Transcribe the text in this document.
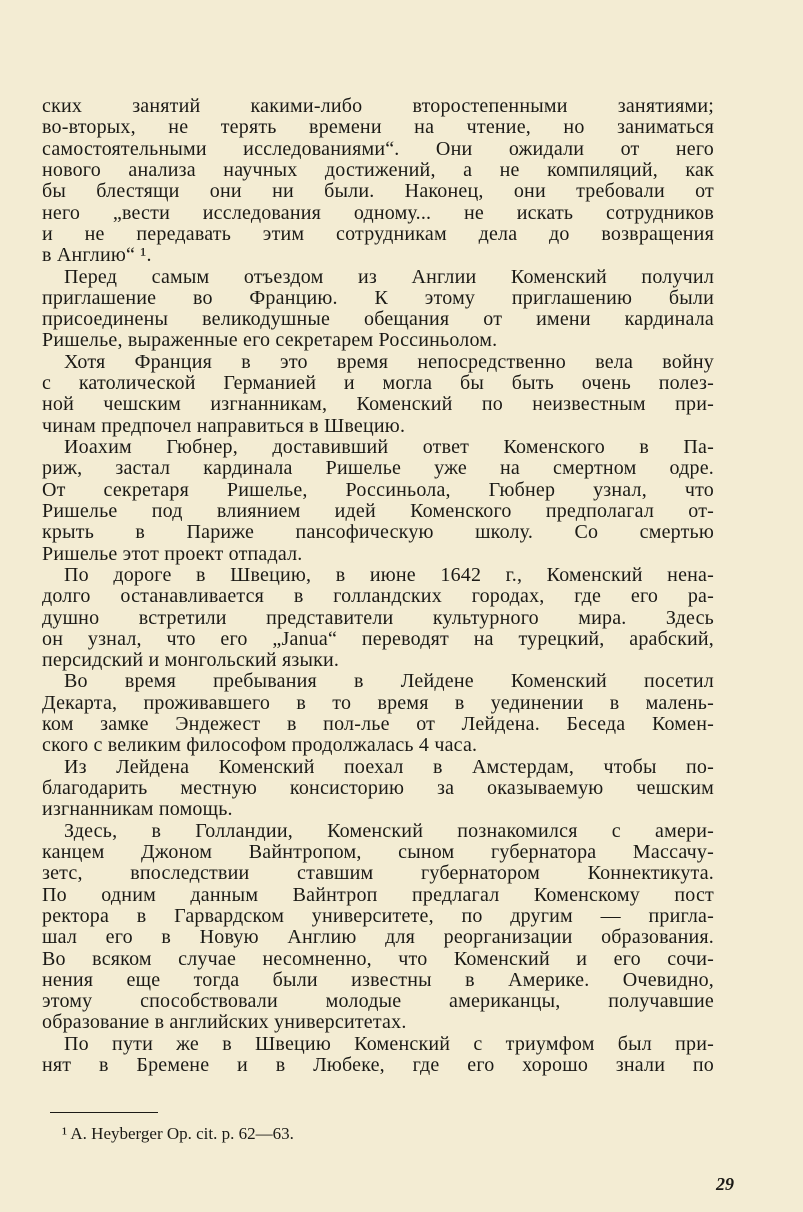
ских занятий какими-либо второстепенными занятиями;
во-вторых, не терять времени на чтение, но заниматься
самостоятельными исследованиями“. Они ожидали от него
нового анализа научных достижений, а не компиляций, как
бы блестящи они ни были. Наконец, они требовали от
него „вести исследования одному... не искать сотрудников
и не передавать этим сотрудникам дела до возвращения
в Англию“ ¹.
Перед самым отъездом из Англии Коменский получил
приглашение во Францию. К этому приглашению были
присоединены великодушные обещания от имени кардинала
Ришелье, выраженные его секретарем Россиньолом.
Хотя Франция в это время непосредственно вела войну
с католической Германией и могла бы быть очень полез-
ной чешским изгнанникам, Коменский по неизвестным при-
чинам предпочел направиться в Швецию.
Иоахим Гюбнер, доставивший ответ Коменского в Па-
риж, застал кардинала Ришелье уже на смертном одре.
От секретаря Ришелье, Россиньола, Гюбнер узнал, что
Ришелье под влиянием идей Коменского предполагал от-
крыть в Париже пансофическую школу. Со смертью
Ришелье этот проект отпадал.
По дороге в Швецию, в июне 1642 г., Коменский нена-
долго останавливается в голландских городах, где его ра-
душно встретили представители культурного мира. Здесь
он узнал, что его „Janua“ переводят на турецкий, арабский,
персидский и монгольский языки.
Во время пребывания в Лейдене Коменский посетил
Декарта, проживавшего в то время в уединении в малень-
ком замке Эндежест в пол-лье от Лейдена. Беседа Комен-
ского с великим философом продолжалась 4 часа.
Из Лейдена Коменский поехал в Амстердам, чтобы по-
благодарить местную консисторию за оказываемую чешским
изгнанникам помощь.
Здесь, в Голландии, Коменский познакомился с амери-
канцем Джоном Вайнтропом, сыном губернатора Массачу-
зетс, впоследствии ставшим губернатором Коннектикута.
По одним данным Вайнтроп предлагал Коменскому пост
ректора в Гарвардском университете, по другим — пригла-
шал его в Новую Англию для реорганизации образования.
Во всяком случае несомненно, что Коменский и его сочи-
нения еще тогда были известны в Америке. Очевидно,
этому способствовали молодые американцы, получавшие
образование в английских университетах.
По пути же в Швецию Коменский с триумфом был при-
нят в Бремене и в Любеке, где его хорошо знали по
¹ A. Heyberger Op. cit. p. 62—63.
29
